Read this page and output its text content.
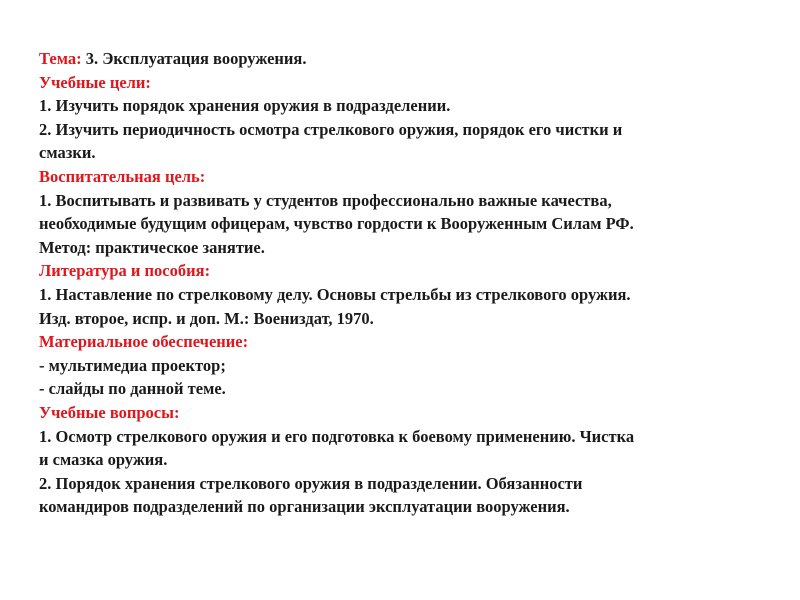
Тема: 3. Эксплуатация вооружения.
Учебные цели:
1. Изучить порядок хранения оружия в подразделении.
2. Изучить периодичность осмотра стрелкового оружия, порядок его чистки и
смазки.
Воспитательная цель:
1. Воспитывать и развивать у студентов профессионально важные качества,
необходимые будущим офицерам, чувство гордости к Вооруженным Силам РФ.
Метод: практическое занятие.
Литература и пособия:
1. Наставление по стрелковому делу. Основы стрельбы из стрелкового оружия.
Изд. второе, испр. и доп. М.: Воениздат, 1970.
Материальное обеспечение:
- мультимедиа проектор;
- слайды по данной теме.
Учебные вопросы:
1. Осмотр стрелкового оружия и его подготовка к боевому применению. Чистка
и смазка оружия.
2. Порядок хранения стрелкового оружия в подразделении. Обязанности
командиров подразделений по организации эксплуатации вооружения.
